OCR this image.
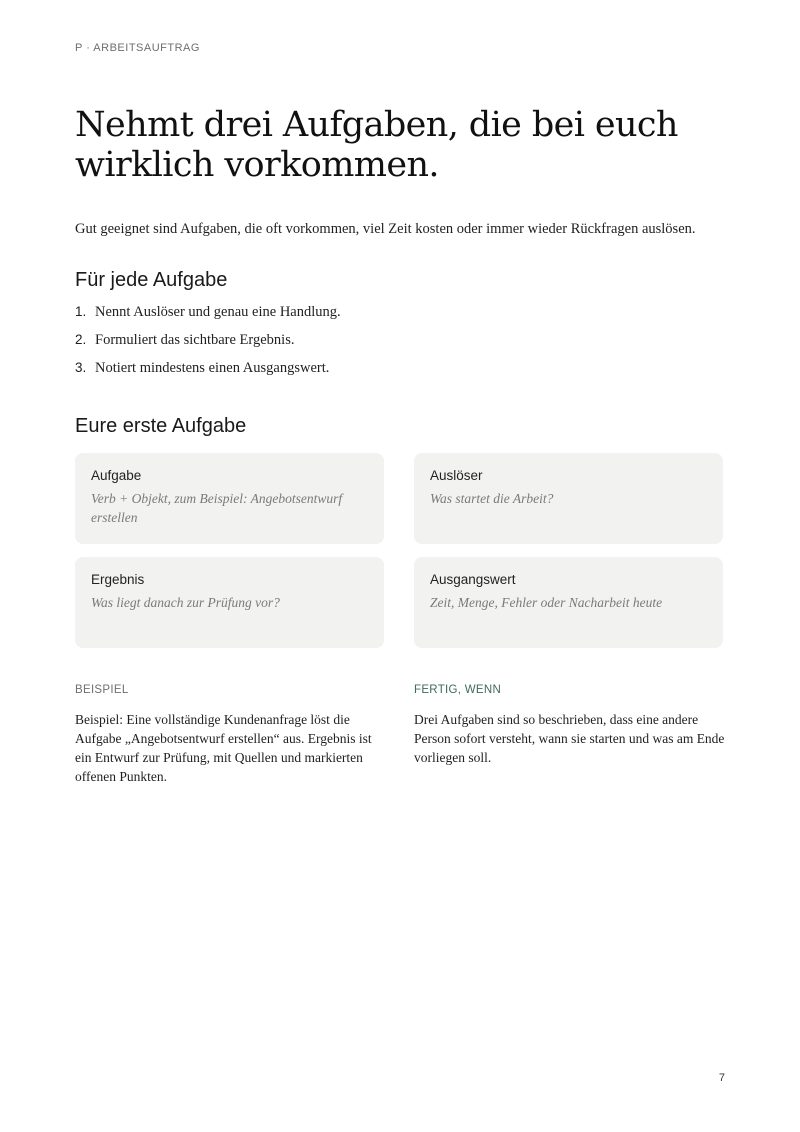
P · ARBEITSAUFTRAG
Nehmt drei Aufgaben, die bei euch wirklich vorkommen.

Gut geeignet sind Aufgaben, die oft vorkommen, viel Zeit kosten oder immer wieder Rückfragen auslösen.

Für jede Aufgabe
1. Nennt Auslöser und genau eine Handlung.
2. Formuliert das sichtbare Ergebnis.
3. Notiert mindestens einen Ausgangswert.
Eure erste Aufgabe
Aufgabe
Verb + Objekt, zum Beispiel: Angebotsentwurf erstellen
Auslöser
Was startet die Arbeit?
Ergebnis
Was liegt danach zur Prüfung vor?
Ausgangswert
Zeit, Menge, Fehler oder Nacharbeit heute
BEISPIEL

Beispiel: Eine vollständige Kundenanfrage löst die Aufgabe „Angebotsentwurf erstellen“ aus. Ergebnis ist ein Entwurf zur Prüfung, mit Quellen und markierten offenen Punkten.

FERTIG, WENN

Drei Aufgaben sind so beschrieben, dass eine andere Person sofort versteht, wann sie starten und was am Ende vorliegen soll.

7
